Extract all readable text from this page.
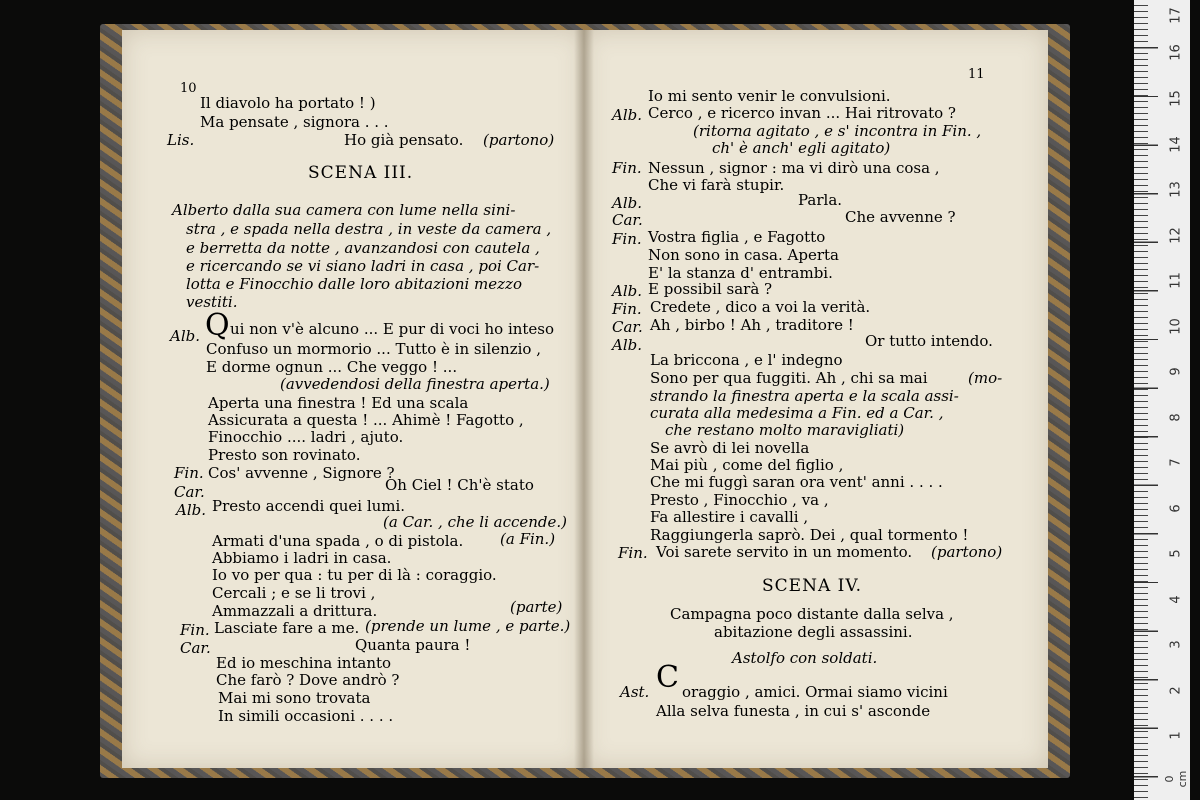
10
Il diavolo ha portato ! )
Ma pensate , signora . . .
Lis.	Ho già pensato. (partono)
SCENA III.
Alberto dalla sua camera con lume nella sini-
stra , e spada nella destra , in veste da camera ,
e berretta da notte , avanzandosi con cautela ,
e ricercando se vi siano ladri in casa , poi Car-
lotta e Finocchio dalle loro abitazioni mezzo
vestiti.
Alb. Q ui non v'è alcuno ... E pur di voci ho inteso
Confuso un mormorio ... Tutto è in silenzio ,
E dorme ognun ... Che veggo ! ...
(avvedendosi della finestra aperta.)
Aperta una finestra ! Ed una scala
Assicurata a questa ! ... Ahimè ! Fagotto ,
Finocchio .... ladri , ajuto.
Presto son rovinato.
Fin. Cos' avvenne , Signore ?
Oh Ciel ! Ch'è stato
Car.
Alb. Presto accendi quei lumi.
(a Car. , che li accende.)
Armati d'una spada , o di pistola. (a Fin.)
Abbiamo i ladri in casa.
Io vo per qua : tu per di là : coraggio.
Cercali ; e se li trovi ,
Ammazzali a drittura.	(parte)
Fin. Lasciate fare a me. (prende un lume , e parte.)
Car.	Quanta paura !
Ed io meschina intanto
Che farò ? Dove andrò ?
Mai mi sono trovata
In simili occasioni . . . .
11
Io mi sento venir le convulsioni.
Alb. Cerco , e ricerco invan ... Hai ritrovato ?
(ritorna agitato , e s' incontra in Fin. ,
ch' è anch' egli agitato)
Fin. Nessun , signor : ma vi dirò una cosa ,
Che vi farà stupir.
Alb.	Parla.
Car.	Che avvenne ?
Fin. Vostra figlia , e Fagotto
Non sono in casa. Aperta
E' la stanza d' entrambi.
Alb. E possibil sarà ?
Fin. Credete , dico a voi la verità.
Car. Ah , birbo ! Ah , traditore !
Alb.	Or tutto intendo.
La briccona , e l' indegno
Sono per qua fuggiti. Ah , chi sa mai	(mo-
strando la finestra aperta e la scala assi-
curata alla medesima a Fin. ed a Car. ,
che restano molto maravigliati)
Se avrò di lei novella
Mai più , come del figlio ,
Che mi fuggì saran ora vent' anni . . . .
Presto , Finocchio , va ,
Fa allestire i cavalli ,
Raggiungerla saprò. Dei , qual tormento !
Fin. Voi sarete servito in un momento. (partono)
SCENA IV.
Campagna poco distante dalla selva ,
abitazione degli assassini.
Astolfo con soldati.
Ast. C oraggio , amici. Ormai siamo vicini
Alla selva funesta , in cui s' asconde
17
16
15
14
13
12
11
10
9
8
7
6
5
4
3
2
1
0 cm
